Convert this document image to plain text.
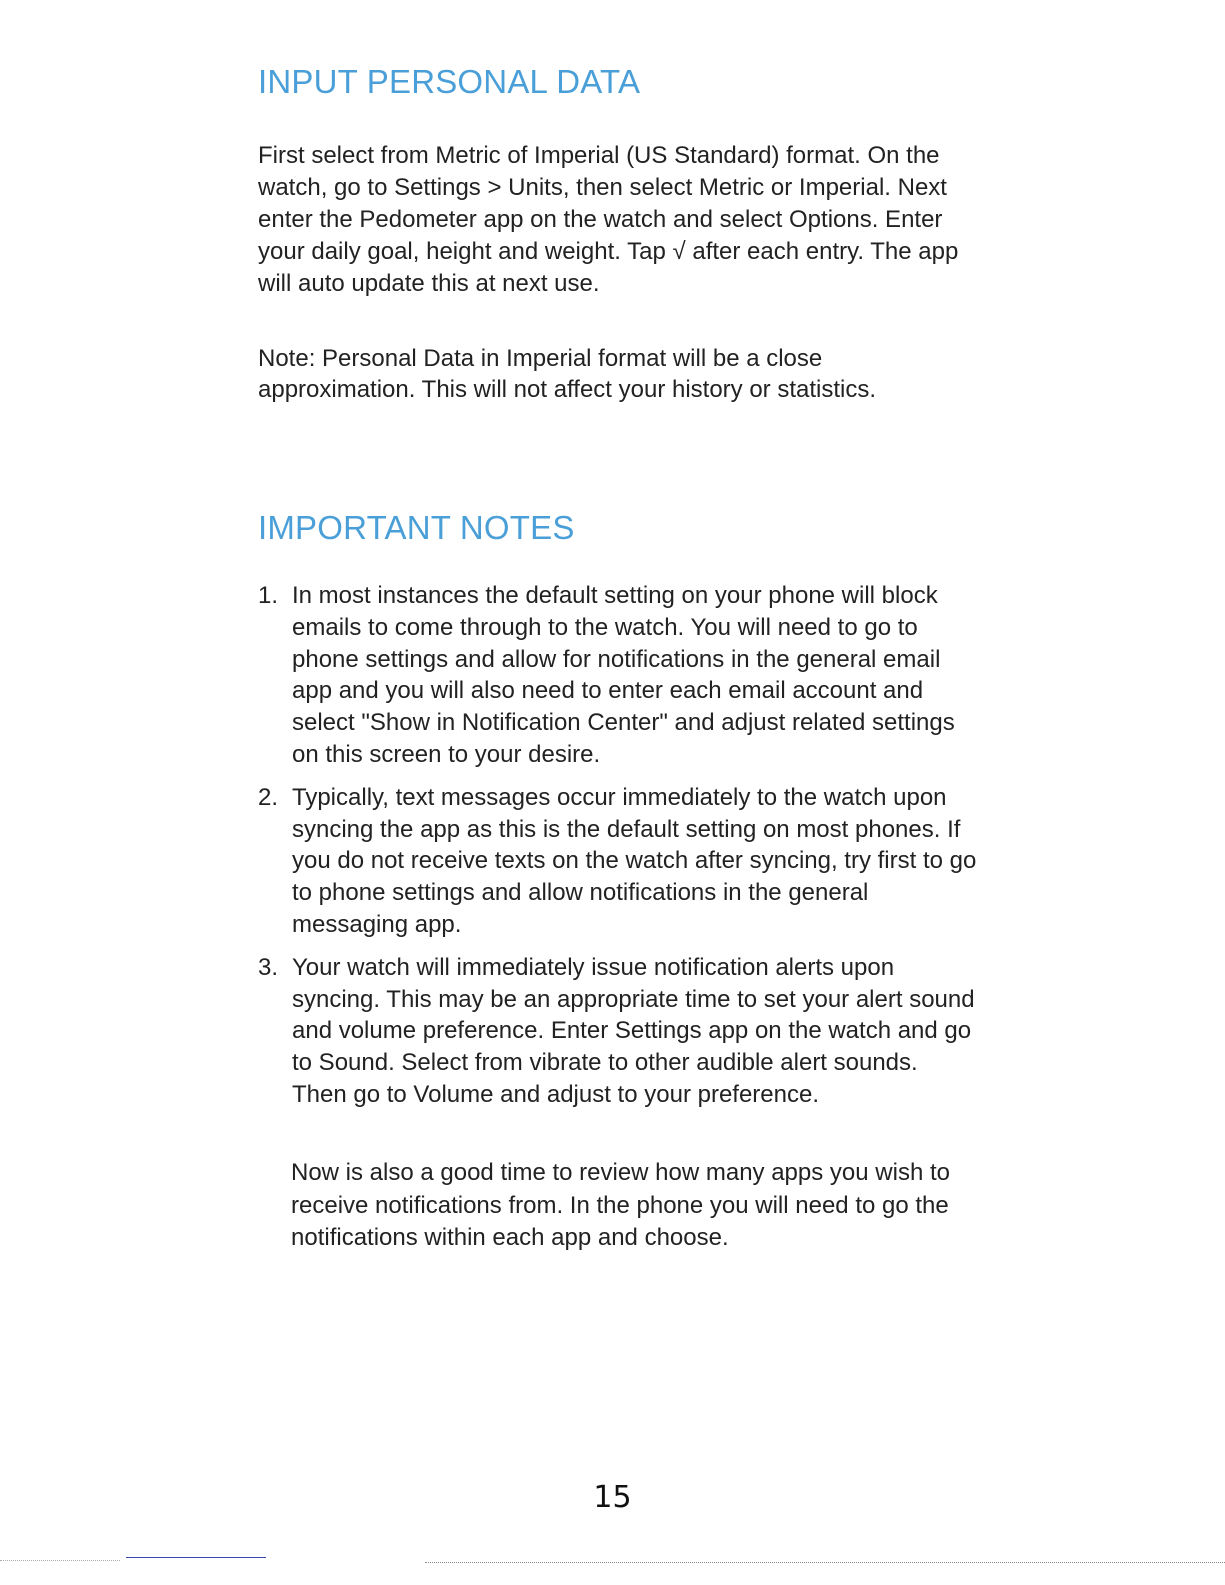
INPUT PERSONAL DATA

First select from Metric of Imperial (US Standard) format. On the watch, go to Settings > Units, then select Metric or Imperial. Next enter the Pedometer app on the watch and select Options. Enter your daily goal, height and weight. Tap √ after each entry. The app will auto update this at next use.

Note: Personal Data in Imperial format will be a close approximation. This will not affect your history or statistics.

IMPORTANT NOTES
1. In most instances the default setting on your phone will block emails to come through to the watch. You will need to go to phone settings and allow for notifications in the general email app and you will also need to enter each email account and select "Show in Notification Center" and adjust related settings on this screen to your desire.
2. Typically, text messages occur immediately to the watch upon syncing the app as this is the default setting on most phones. If you do not receive texts on the watch after syncing, try first to go to phone settings and allow notifications in the general messaging app.
3. Your watch will immediately issue notification alerts upon syncing. This may be an appropriate time to set your alert sound and volume preference. Enter Settings app on the watch and go to Sound. Select from vibrate to other audible alert sounds. Then go to Volume and adjust to your preference.

Now is also a good time to review how many apps you wish to receive notifications from. In the phone you will need to go the notifications within each app and choose.

15
